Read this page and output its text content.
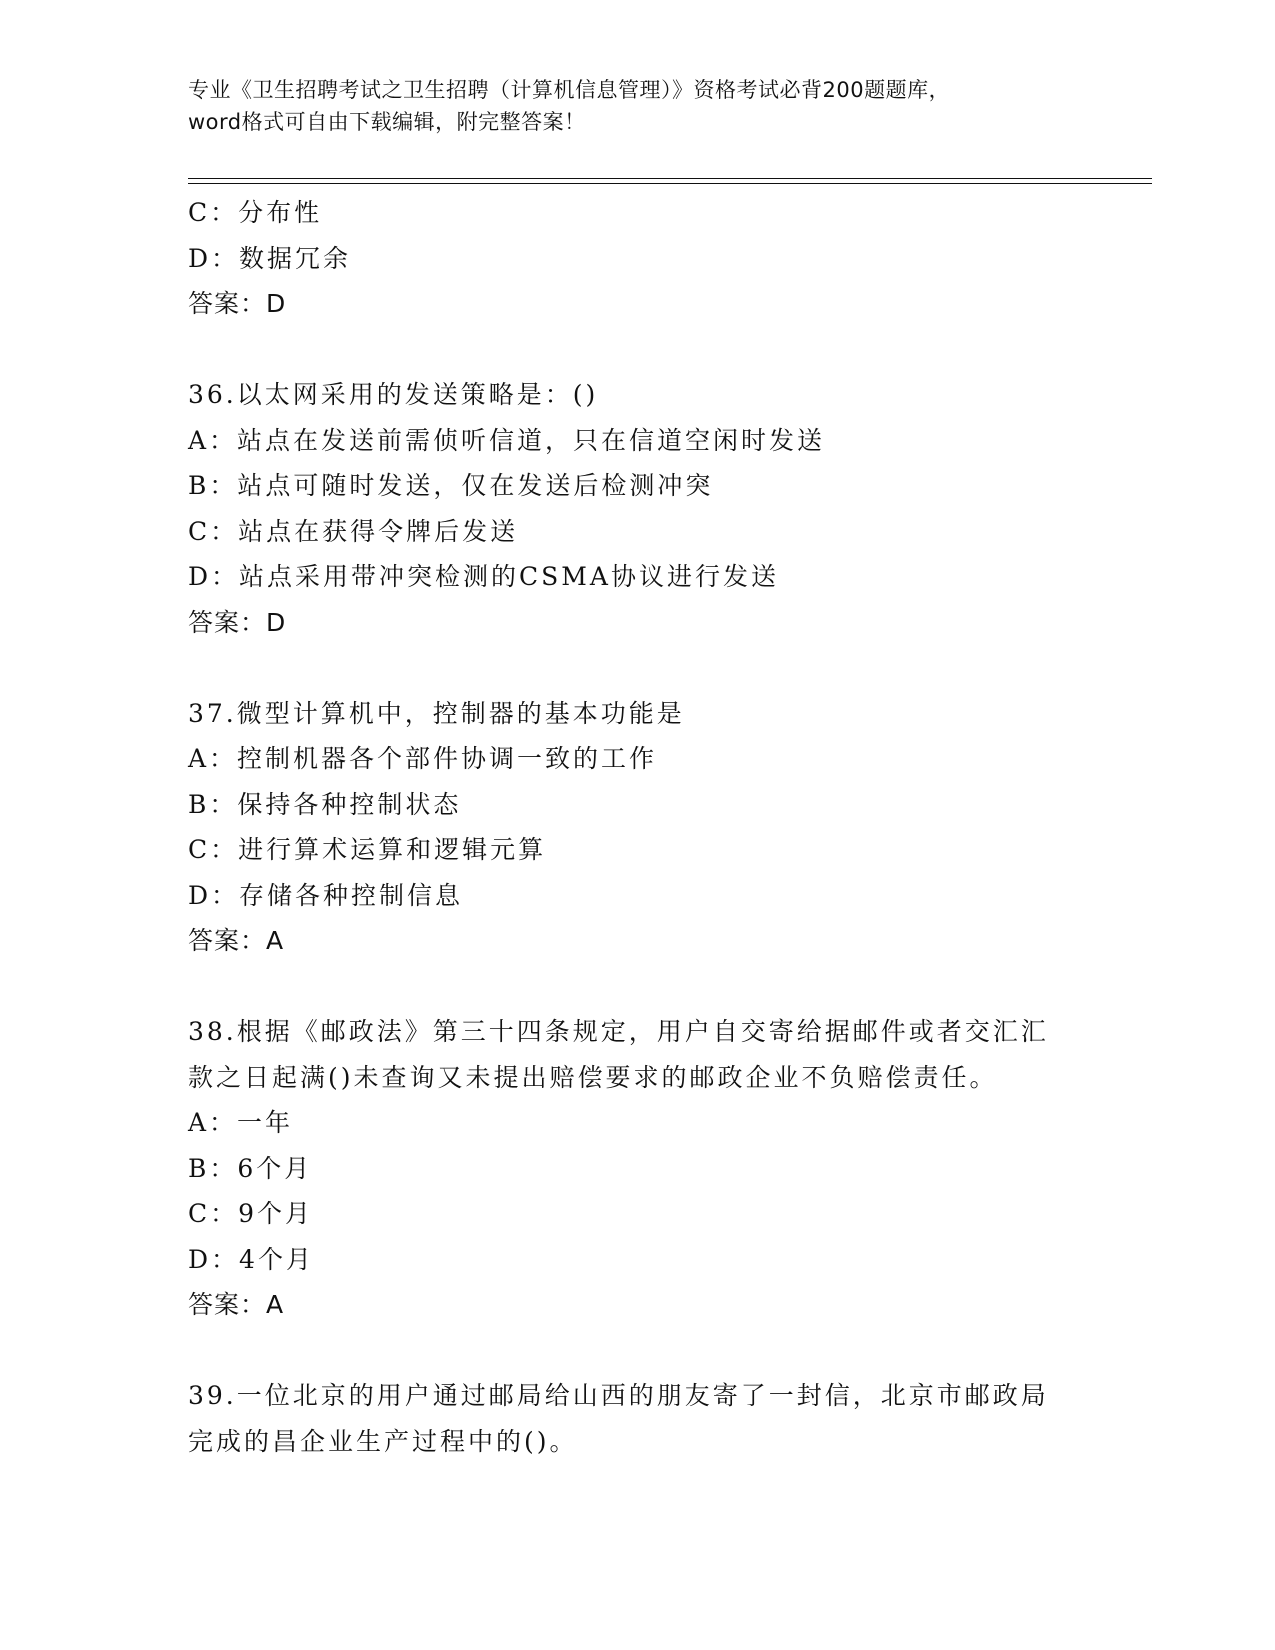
专业《卫生招聘考试之卫生招聘（计算机信息管理）》资格考试必背200题题库，
word格式可自由下载编辑，附完整答案！
C：分布性
D：数据冗余
答案：D
36.以太网采用的发送策略是：()
A：站点在发送前需侦听信道，只在信道空闲时发送
B：站点可随时发送，仅在发送后检测冲突
C：站点在获得令牌后发送
D：站点采用带冲突检测的CSMA协议进行发送
答案：D
37.微型计算机中，控制器的基本功能是
A：控制机器各个部件协调一致的工作
B：保持各种控制状态
C：进行算术运算和逻辑元算
D：存储各种控制信息
答案：A
38.根据《邮政法》第三十四条规定，用户自交寄给据邮件或者交汇汇
款之日起满()未查询又未提出赔偿要求的邮政企业不负赔偿责任。
A：一年
B：6个月
C：9个月
D：4个月
答案：A
39.一位北京的用户通过邮局给山西的朋友寄了一封信，北京市邮政局
完成的昌企业生产过程中的()。
